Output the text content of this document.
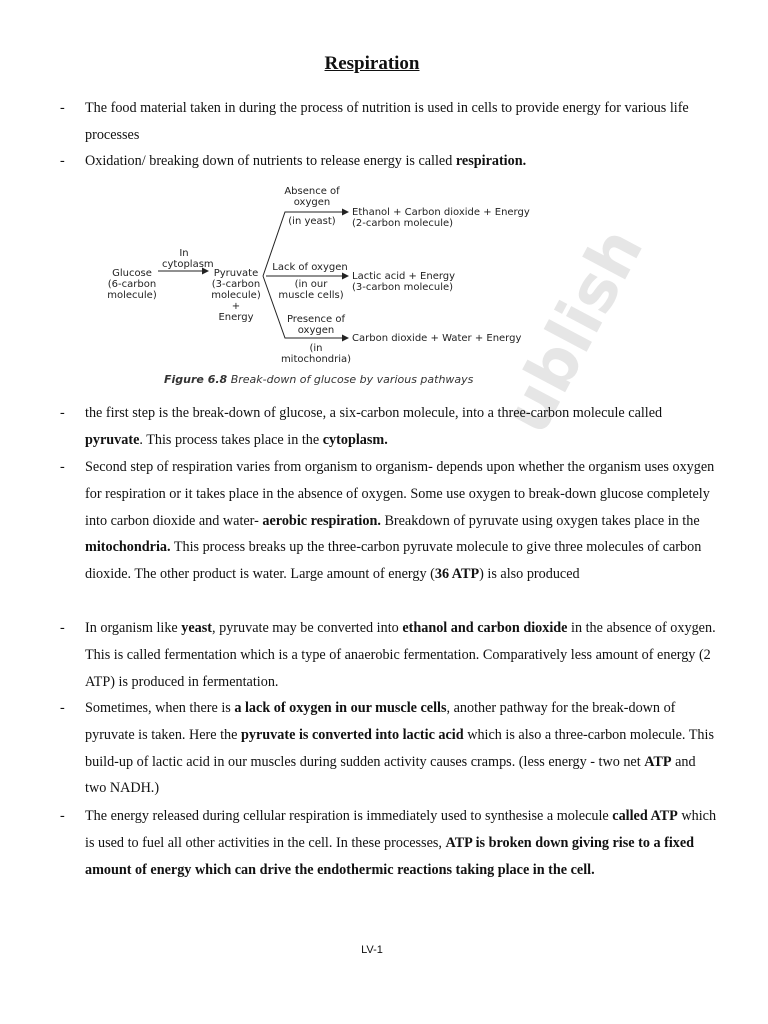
Respiration
- The food material taken in during the process of nutrition is used in cells to provide energy for various life processes
- Oxidation/ breaking down of nutrients to release energy is called respiration.
ublish
Glucose
(6-carbon
molecule)
In
cytoplasm
Pyruvate
(3-carbon
molecule)
+
Energy
Absence of
oxygen
(in yeast)
Ethanol + Carbon dioxide + Energy
(2-carbon molecule)
Lack of oxygen
(in our
muscle cells)
Lactic acid + Energy
(3-carbon molecule)
Presence of
oxygen
(in
mitochondria)
Carbon dioxide + Water + Energy
Figure 6.8 Break-down of glucose by various pathways
- the first step is the break-down of glucose, a six-carbon molecule, into a three-carbon molecule called pyruvate. This process takes place in the cytoplasm.
- Second step of respiration varies from organism to organism- depends upon whether the organism uses oxygen for respiration or it takes place in the absence of oxygen. Some use oxygen to break-down glucose completely into carbon dioxide and water- aerobic respiration. Breakdown of pyruvate using oxygen takes place in the mitochondria. This process breaks up the three-carbon pyruvate molecule to give three molecules of carbon dioxide. The other product is water. Large amount of energy (36 ATP) is also produced
- In organism like yeast, pyruvate may be converted into ethanol and carbon dioxide in the absence of oxygen. This is called fermentation which is a type of anaerobic fermentation. Comparatively less amount of energy (2 ATP) is produced in fermentation.
- Sometimes, when there is a lack of oxygen in our muscle cells, another pathway for the break-down of pyruvate is taken. Here the pyruvate is converted into lactic acid which is also a three-carbon molecule. This build-up of lactic acid in our muscles during sudden activity causes cramps. (less energy - two net ATP and two NADH.)
- The energy released during cellular respiration is immediately used to synthesise a molecule called ATP which is used to fuel all other activities in the cell. In these processes, ATP is broken down giving rise to a fixed amount of energy which can drive the endothermic reactions taking place in the cell.
LV-1
